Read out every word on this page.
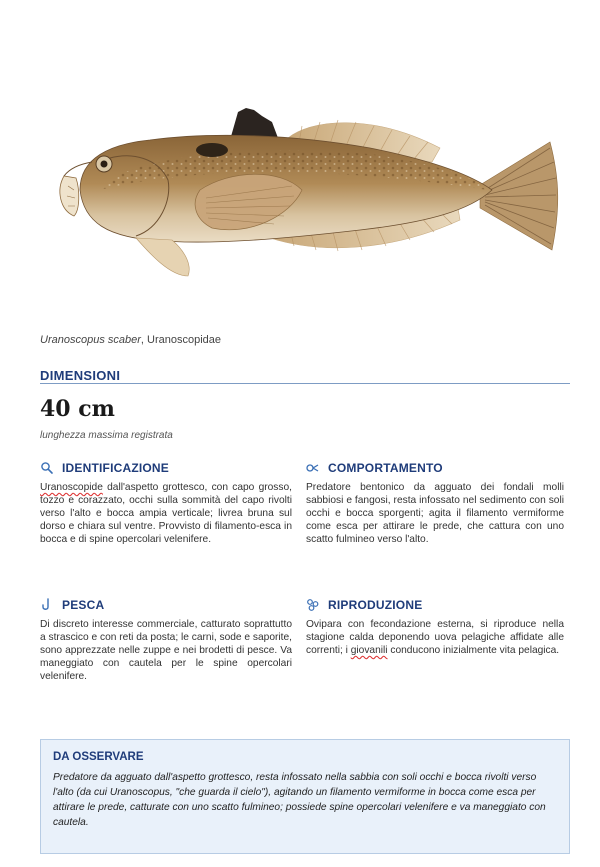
Uranoscopus scaber, Uranoscopidae
DIMENSIONI
40 cm
lunghezza massima registrata
IDENTIFICAZIONE
Uranoscopide dall'aspetto grottesco, con capo grosso, tozzo e corazzato, occhi sulla sommità del capo rivolti verso l'alto e bocca ampia verticale; livrea bruna sul dorso e chiara sul ventre. Provvisto di filamento-esca in bocca e di spine opercolari velenifere.
COMPORTAMENTO
Predatore bentonico da agguato dei fondali molli sabbiosi e fangosi, resta infossato nel sedimento con soli occhi e bocca sporgenti; agita il filamento vermiforme come esca per attirare le prede, che cattura con uno scatto fulmineo verso l'alto.
PESCA
Di discreto interesse commerciale, catturato soprattutto a strascico e con reti da posta; le carni, sode e saporite, sono apprezzate nelle zuppe e nei brodetti di pesce. Va maneggiato con cautela per le spine opercolari velenifere.
RIPRODUZIONE
Ovipara con fecondazione esterna, si riproduce nella stagione calda deponendo uova pelagiche affidate alle correnti; i giovanili conducono inizialmente vita pelagica.
DA OSSERVARE
Predatore da agguato dall'aspetto grottesco, resta infossato nella sabbia con soli occhi e bocca rivolti verso l'alto (da cui Uranoscopus, "che guarda il cielo"), agitando un filamento vermiforme in bocca come esca per attirare le prede, catturate con uno scatto fulmineo; possiede spine opercolari velenifere e va maneggiato con cautela.
